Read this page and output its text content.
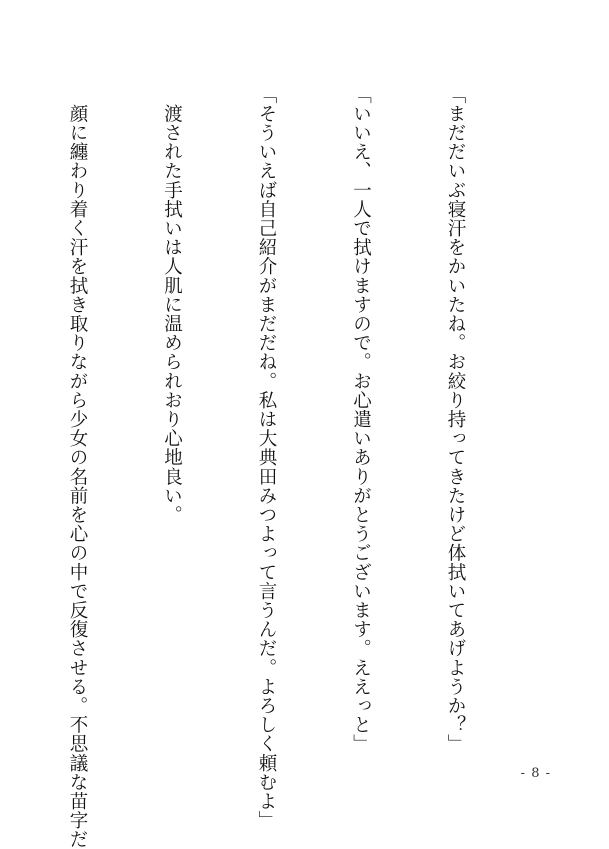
「まだだいぶ寝汗をかいたね。お絞り持ってきたけど体拭いてあげようか？」

「いいえ、一人で拭けますので。お心遣いありがとうございます。ええっと」

「そういえば自己紹介がまだだね。私は大典田みつよって言うんだ。よろしく頼むよ」

　渡された手拭いは人肌に温められおり心地良い。

　顔に纏わり着く汗を拭き取りながら少女の名前を心の中で反復させる。不思議な苗字だ

	- 8 -
